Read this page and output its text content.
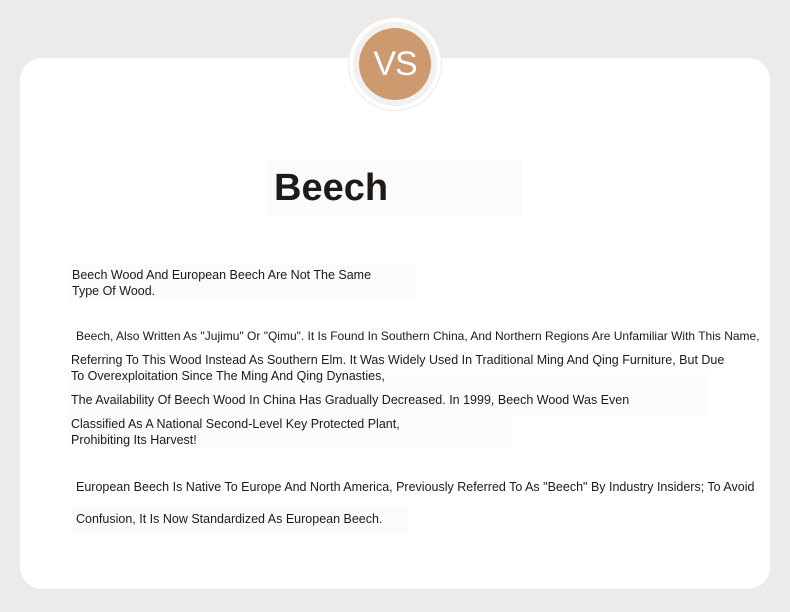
VS
Beech
Beech Wood And European Beech Are Not The Same
Type Of Wood.
Beech, Also Written As "Jujimu" Or "Qimu". It Is Found In Southern China, And Northern Regions Are Unfamiliar With This Name,
Referring To This Wood Instead As Southern Elm. It Was Widely Used In Traditional Ming And Qing Furniture, But Due
To Overexploitation Since The Ming And Qing Dynasties,
The Availability Of Beech Wood In China Has Gradually Decreased. In 1999, Beech Wood Was Even
Classified As A National Second-Level Key Protected Plant,
Prohibiting Its Harvest!
European Beech Is Native To Europe And North America, Previously Referred To As "Beech" By Industry Insiders; To Avoid
Confusion, It Is Now Standardized As European Beech.
